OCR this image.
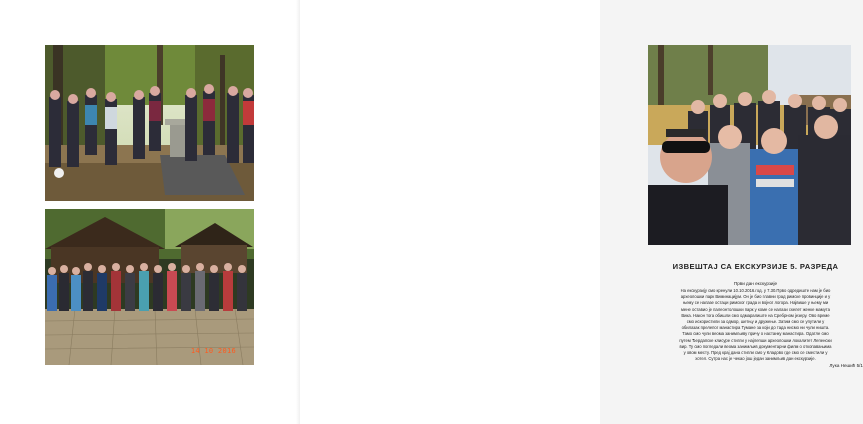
14 10 2016
ИЗВЕШТАЈ СА ЕКСКУРЗИЈЕ 5. РАЗРЕДА
Први дан екскурзије
На екскурзију смо кренули 10.10.2016.год. у 7.30.Прво одредиште нам је био
археолошки парк Виминацијум. Он је био главни град римске провинције и у
њему се налазе остаци римског града и војног логора. Највише у њему ми
мене оставио је палеонтолошки парк у коме се налази скелет женке мамута
Вика. Након тога обишли смо одмаралиште на Сребрном језеру. Ово време
смо искористили за одмор, шетњу и дружење. Затим смо се упутили у
обилазак прелепог манастира Тумане за који до тада нисмо ни чули ништа.
Тамо смо чули веома занимљиву причу о настанку манастира. Одатле смо
путем Ђердапске клисуре стигли у најлепши археолошки локалитет Лепенски
вир. Ту смо погледали веома занимљив документарни филм о откопавањима
у овом месту. Пред крај дана стигли смо у Кладово где смо се сместили у
хотел. Сутра нас је чекао још један занимљив дан екскурзије.
Лука Нешић 5/1
